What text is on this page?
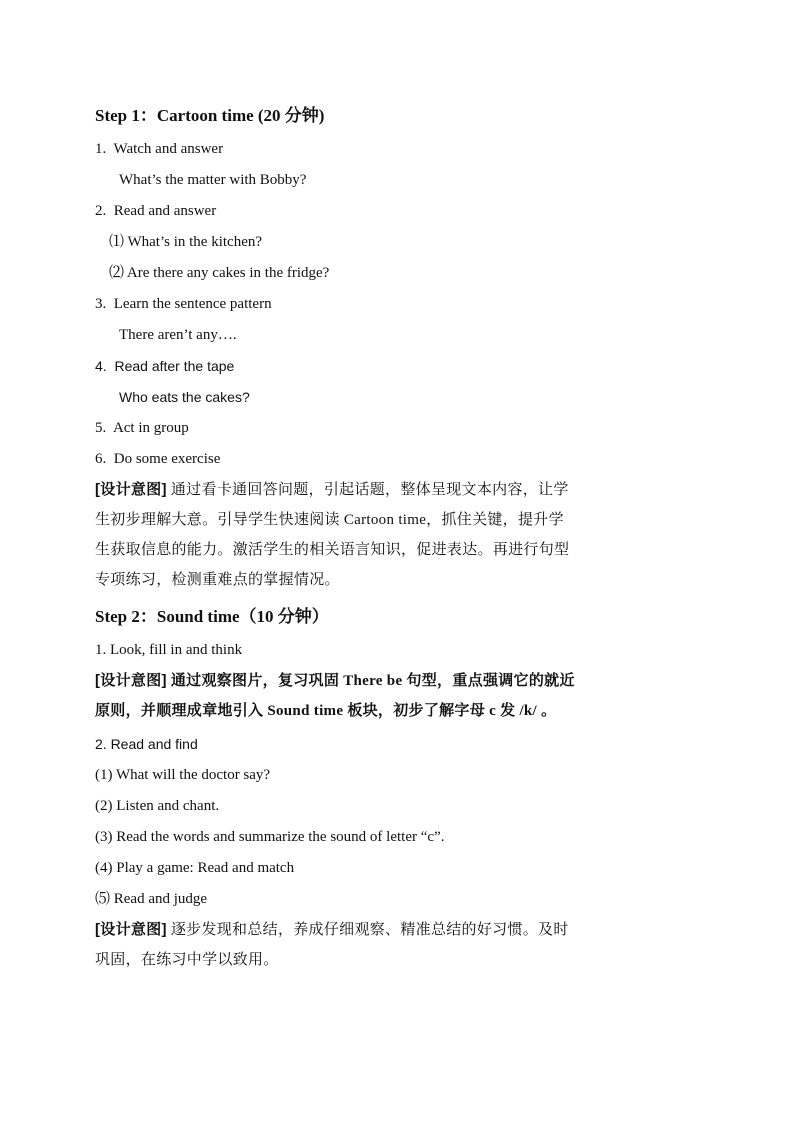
Step 1：Cartoon time (20 分钟)

1. Watch and answer

What’s the matter with Bobby?

2. Read and answer

⑴ What’s in the kitchen?

⑵ Are there any cakes in the fridge?

3. Learn the sentence pattern

There aren’t any….

4. Read after the tape

Who eats the cakes?

5. Act in group

6. Do some exercise

[设计意图] 通过看卡通回答问题，引起话题，整体呈现文本内容，让学生初步理解大意。引导学生快速阅读 Cartoon time，抓住关键，提升学生获取信息的能力。激活学生的相关语言知识，促进表达。再进行句型专项练习，检测重难点的掌握情况。

Step 2：Sound time（10 分钟）

1. Look, fill in and think

[设计意图] 通过观察图片，复习巩固 There be 句型，重点强调它的就近原则，并顺理成章地引入 Sound time 板块，初步了解字母 c 发 /k/ 。

2. Read and find

(1) What will the doctor say?

(2) Listen and chant.

(3) Read the words and summarize the sound of letter “c”.

(4) Play a game: Read and match

⑸ Read and judge

[设计意图] 逐步发现和总结，养成仔细观察、精准总结的好习惯。及时巩固，在练习中学以致用。
